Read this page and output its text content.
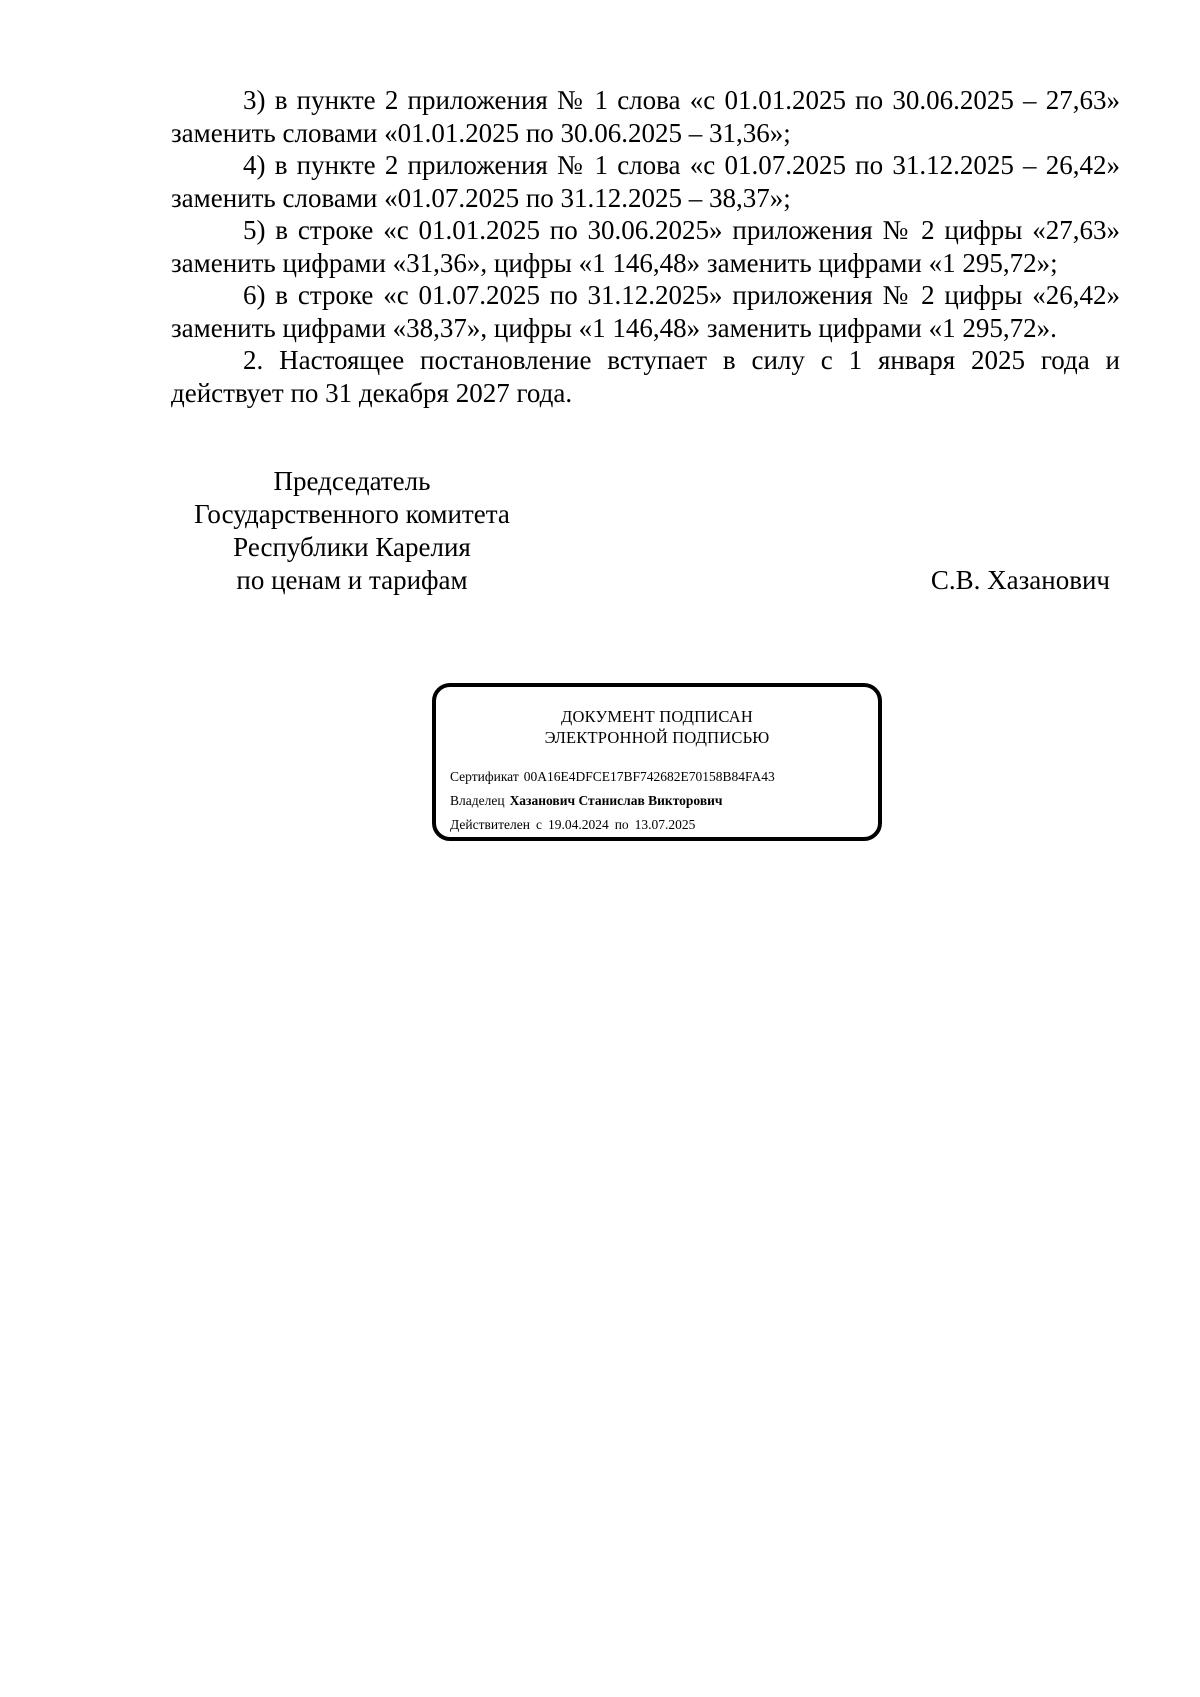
3) в пункте 2 приложения № 1 слова «с 01.01.2025 по 30.06.2025 – 27,63» заменить словами «01.01.2025 по 30.06.2025 – 31,36»;

4) в пункте 2 приложения № 1 слова «с 01.07.2025 по 31.12.2025 – 26,42» заменить словами «01.07.2025 по 31.12.2025 – 38,37»;

5) в строке «с 01.01.2025 по 30.06.2025» приложения № 2 цифры «27,63» заменить цифрами «31,36», цифры «1 146,48» заменить цифрами «1 295,72»;

6) в строке «с 01.07.2025 по 31.12.2025» приложения № 2 цифры «26,42» заменить цифрами «38,37», цифры «1 146,48» заменить цифрами «1 295,72».

2. Настоящее постановление вступает в силу с 1 января 2025 года и действует по 31 декабря 2027 года.

Председатель
Государственного комитета
Республики Карелия
по ценам и тарифам	С.В. Хазанович
ДОКУМЕНТ ПОДПИСАН
ЭЛЕКТРОННОЙ ПОДПИСЬЮ
Сертификат 00A16E4DFCE17BF742682E70158B84FA43
Владелец Хазанович Станислав Викторович
Действителен с 19.04.2024 по 13.07.2025
